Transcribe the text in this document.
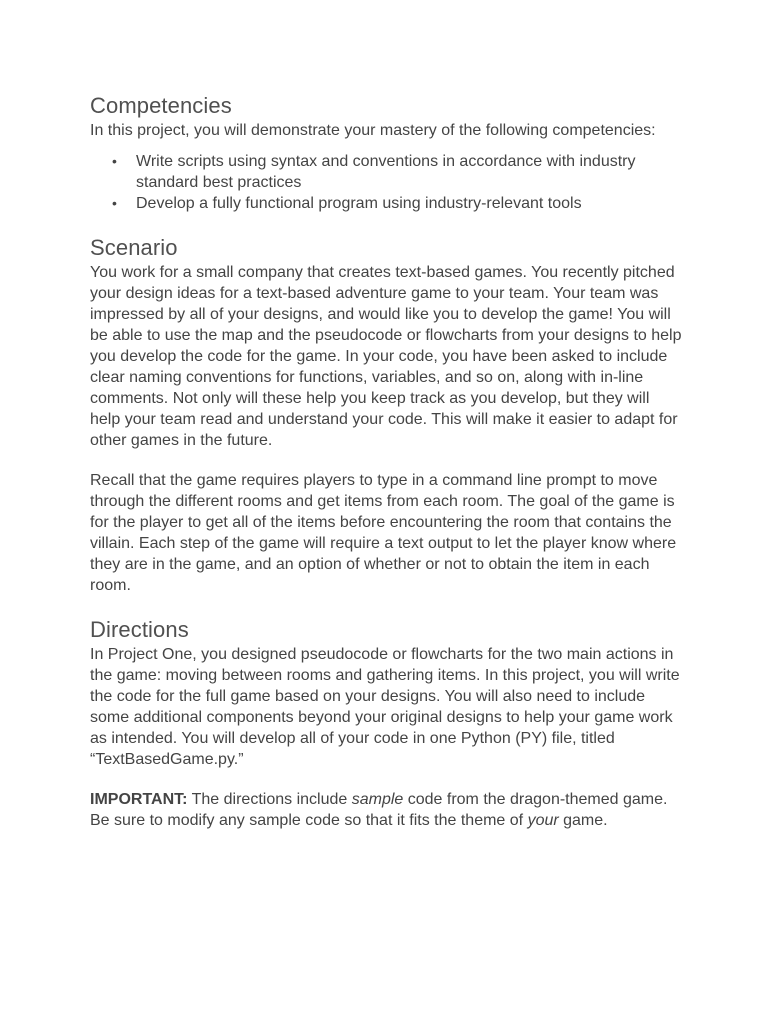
Competencies

In this project, you will demonstrate your mastery of the following competencies:

• Write scripts using syntax and conventions in accordance with industry standard best practices
• Develop a fully functional program using industry-relevant tools
Scenario

You work for a small company that creates text-based games. You recently pitched your design ideas for a text-based adventure game to your team. Your team was impressed by all of your designs, and would like you to develop the game! You will be able to use the map and the pseudocode or flowcharts from your designs to help you develop the code for the game. In your code, you have been asked to include clear naming conventions for functions, variables, and so on, along with in-line comments. Not only will these help you keep track as you develop, but they will help your team read and understand your code. This will make it easier to adapt for other games in the future.

Recall that the game requires players to type in a command line prompt to move through the different rooms and get items from each room. The goal of the game is for the player to get all of the items before encountering the room that contains the villain. Each step of the game will require a text output to let the player know where they are in the game, and an option of whether or not to obtain the item in each room.

Directions

In Project One, you designed pseudocode or flowcharts for the two main actions in the game: moving between rooms and gathering items. In this project, you will write the code for the full game based on your designs. You will also need to include some additional components beyond your original designs to help your game work as intended. You will develop all of your code in one Python (PY) file, titled “TextBasedGame.py.”

IMPORTANT: The directions include sample code from the dragon-themed game. Be sure to modify any sample code so that it fits the theme of your game.
